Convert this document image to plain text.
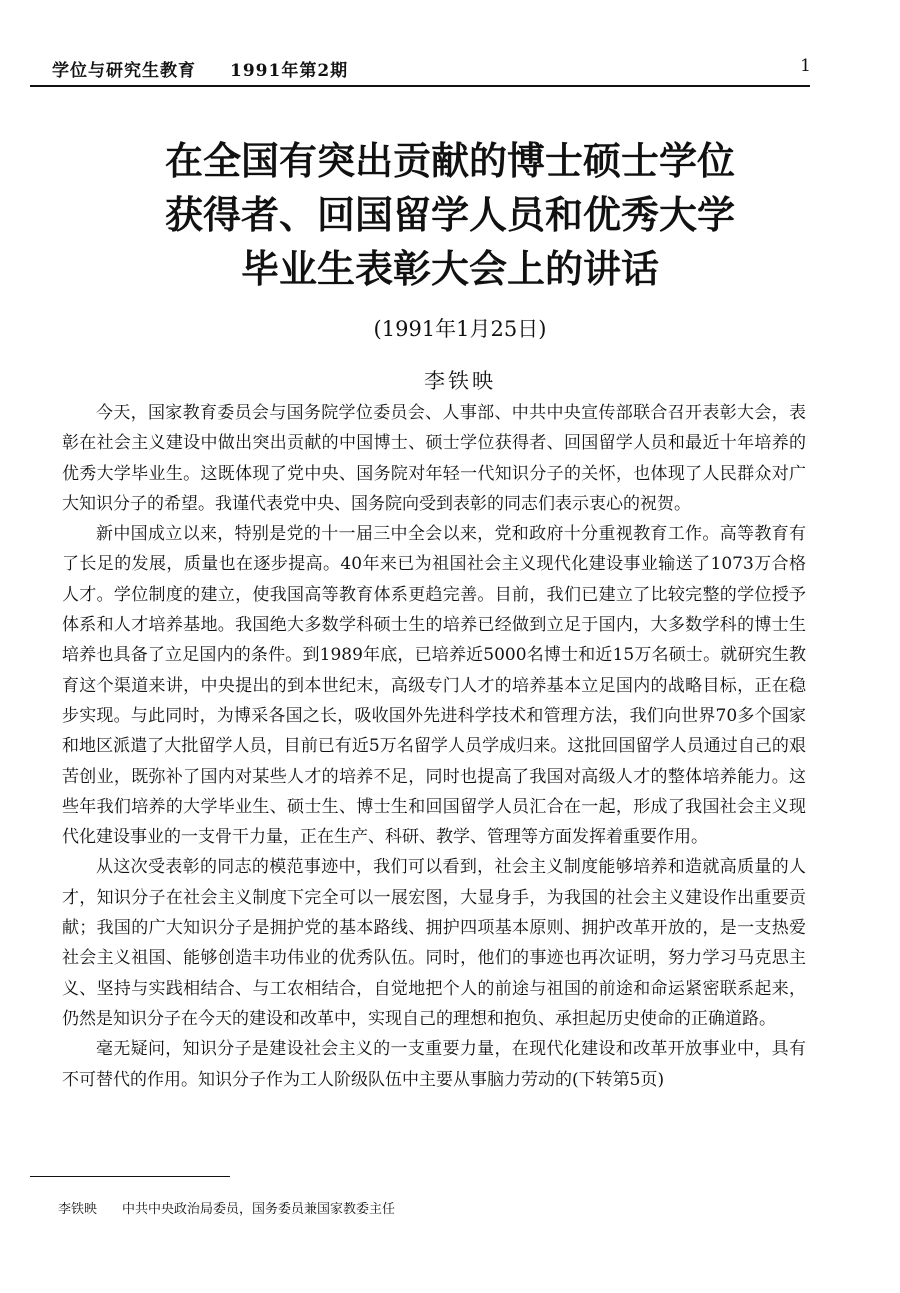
学位与研究生教育 1991年第2期	1
在全国有突出贡献的博士硕士学位
获得者、回国留学人员和优秀大学
毕业生表彰大会上的讲话
(1991年1月25日)
李铁映

今天，国家教育委员会与国务院学位委员会、人事部、中共中央宣传部联合召开表彰大会，表彰在社会主义建设中做出突出贡献的中国博士、硕士学位获得者、回国留学人员和最近十年培养的优秀大学毕业生。这既体现了党中央、国务院对年轻一代知识分子的关怀，也体现了人民群众对广大知识分子的希望。我谨代表党中央、国务院向受到表彰的同志们表示衷心的祝贺。

新中国成立以来，特别是党的十一届三中全会以来，党和政府十分重视教育工作。高等教育有了长足的发展，质量也在逐步提高。40年来已为祖国社会主义现代化建设事业输送了1073万合格人才。学位制度的建立，使我国高等教育体系更趋完善。目前，我们已建立了比较完整的学位授予体系和人才培养基地。我国绝大多数学科硕士生的培养已经做到立足于国内，大多数学科的博士生培养也具备了立足国内的条件。到1989年底，已培养近5000名博士和近15万名硕士。就研究生教育这个渠道来讲，中央提出的到本世纪末，高级专门人才的培养基本立足国内的战略目标，正在稳步实现。与此同时，为博采各国之长，吸收国外先进科学技术和管理方法，我们向世界70多个国家和地区派遣了大批留学人员，目前已有近5万名留学人员学成归来。这批回国留学人员通过自己的艰苦创业，既弥补了国内对某些人才的培养不足，同时也提高了我国对高级人才的整体培养能力。这些年我们培养的大学毕业生、硕士生、博士生和回国留学人员汇合在一起，形成了我国社会主义现代化建设事业的一支骨干力量，正在生产、科研、教学、管理等方面发挥着重要作用。

从这次受表彰的同志的模范事迹中，我们可以看到，社会主义制度能够培养和造就高质量的人才，知识分子在社会主义制度下完全可以一展宏图，大显身手，为我国的社会主义建设作出重要贡献；我国的广大知识分子是拥护党的基本路线、拥护四项基本原则、拥护改革开放的，是一支热爱社会主义祖国、能够创造丰功伟业的优秀队伍。同时，他们的事迹也再次证明，努力学习马克思主义、坚持与实践相结合、与工农相结合，自觉地把个人的前途与祖国的前途和命运紧密联系起来，仍然是知识分子在今天的建设和改革中，实现自己的理想和抱负、承担起历史使命的正确道路。

毫无疑问，知识分子是建设社会主义的一支重要力量，在现代化建设和改革开放事业中，具有不可替代的作用。知识分子作为工人阶级队伍中主要从事脑力劳动的(下转第5页)

李铁映 中共中央政治局委员，国务委员兼国家教委主任
